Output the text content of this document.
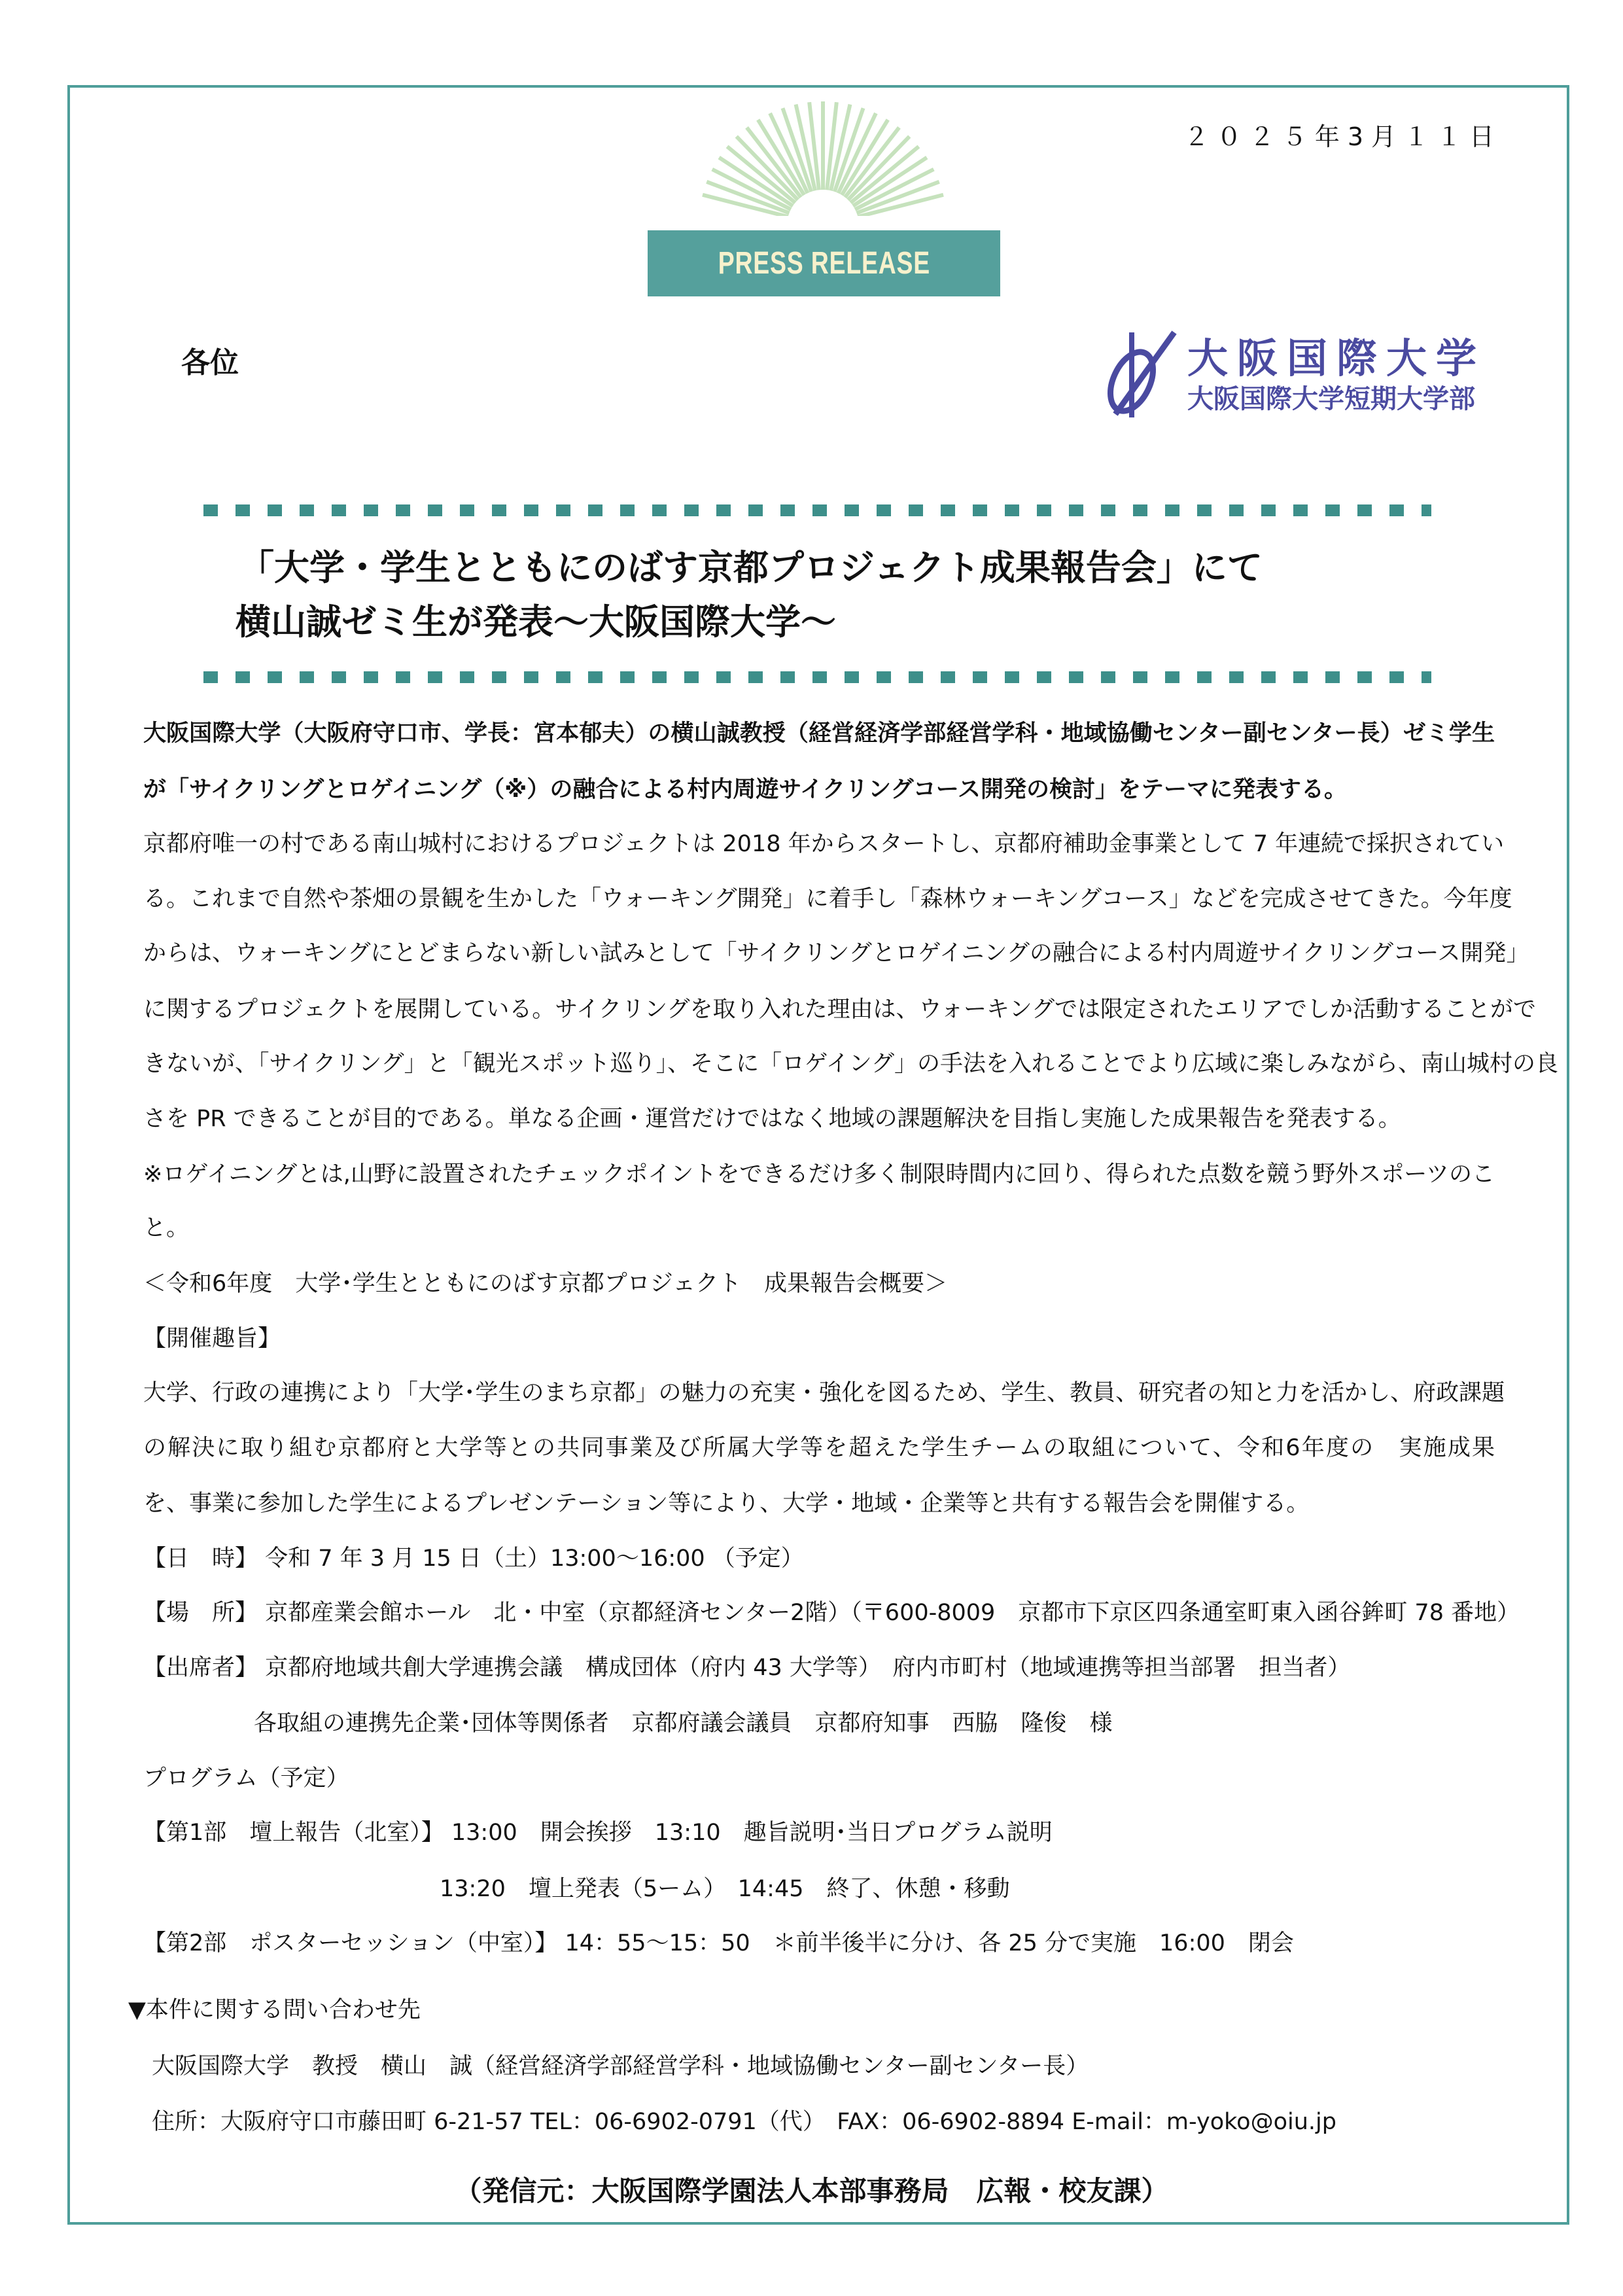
PRESS RELEASE
２０２５年3月１１日
各位	大阪国際大学
大阪国際大学短期大学部
「大学・学生とともにのばす京都プロジェクト成果報告会」にて
横山誠ゼミ生が発表～大阪国際大学～
大阪国際大学（大阪府守口市、学長：宮本郁夫）の横山誠教授（経営経済学部経営学科・地域協働センター副センター長）ゼミ学生
が「サイクリングとロゲイニング（※）の融合による村内周遊サイクリングコース開発の検討」をテーマに発表する。
京都府唯一の村である南山城村におけるプロジェクトは 2018 年からスタートし、京都府補助金事業として 7 年連続で採択されてい
る。これまで自然や茶畑の景観を生かした「ウォーキング開発」に着手し「森林ウォーキングコース」などを完成させてきた。今年度
からは、ウォーキングにとどまらない新しい試みとして「サイクリングとロゲイニングの融合による村内周遊サイクリングコース開発」
に関するプロジェクトを展開している。サイクリングを取り入れた理由は、ウォーキングでは限定されたエリアでしか活動することがで
きないが、「サイクリング」と「観光スポット巡り」、そこに「ロゲイング」の手法を入れることでより広域に楽しみながら、南山城村の良
さを PR できることが目的である。単なる企画・運営だけではなく地域の課題解決を目指し実施した成果報告を発表する。
※ロゲイニングとは,山野に設置されたチェックポイントをできるだけ多く制限時間内に回り、得られた点数を競う野外スポーツのこ
と。
＜令和6年度　大学･学生とともにのばす京都プロジェクト　成果報告会概要＞
【開催趣旨】
大学、行政の連携により「大学･学生のまち京都」の魅力の充実・強化を図るため、学生、教員、研究者の知と力を活かし、府政課題
の解決に取り組む京都府と大学等との共同事業及び所属大学等を超えた学生チームの取組について、令和6年度の　実施成果
を、事業に参加した学生によるプレゼンテーション等により、大学・地域・企業等と共有する報告会を開催する。
【日　時】 令和 7 年 3 月 15 日（土）13:00～16:00 （予定）
【場　所】 京都産業会館ホール　北・中室（京都経済センター2階）（〒600-8009　京都市下京区四条通室町東入函谷鉾町 78 番地）
【出席者】 京都府地域共創大学連携会議　構成団体（府内 43 大学等）　府内市町村（地域連携等担当部署　担当者）
各取組の連携先企業･団体等関係者　京都府議会議員　京都府知事　西脇　隆俊　様
プログラム（予定）
【第1部　壇上報告（北室）】 13:00　開会挨拶　13:10　趣旨説明･当日プログラム説明
13:20　壇上発表（5ーム）　14:45　終了、休憩・移動
【第2部　ポスターセッション（中室）】 14：55～15：50　＊前半後半に分け、各 25 分で実施　16:00　閉会
▼本件に関する問い合わせ先
大阪国際大学　教授　横山　誠（経営経済学部経営学科・地域協働センター副センター長）
住所：大阪府守口市藤田町 6-21-57 TEL：06-6902-0791（代）　FAX：06-6902-8894 E-mail：m-yoko@oiu.jp
（発信元：大阪国際学園法人本部事務局　広報・校友課）
